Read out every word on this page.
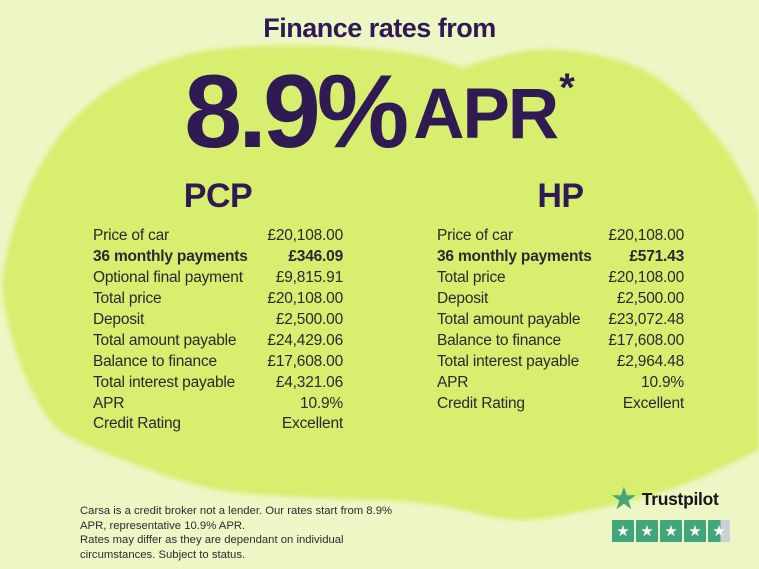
Finance rates from
8.9% APR *
PCP
Price of car	£20,108.00
36 monthly payments	£346.09
Optional final payment £9,815.91
Total price	£20,108.00
Deposit	£2,500.00
Total amount payable £24,429.06
Balance to finance	£17,608.00
Total interest payable	£4,321.06
APR	10.9%
Credit Rating	Excellent
HP
Price of car	£20,108.00
36 monthly payments £571.43
Total price	£20,108.00
Deposit	£2,500.00
Total amount payable £23,072.48
Balance to finance	£17,608.00
Total interest payable £2,964.48
APR	10.9%
Credit Rating	Excellent
Carsa is a credit broker not a lender. Our rates start from 8.9% APR, representative 10.9% APR.
Rates may differ as they are dependant on individual circumstances. Subject to status.
★ Trustpilot
★ ★ ★ ★ ★
